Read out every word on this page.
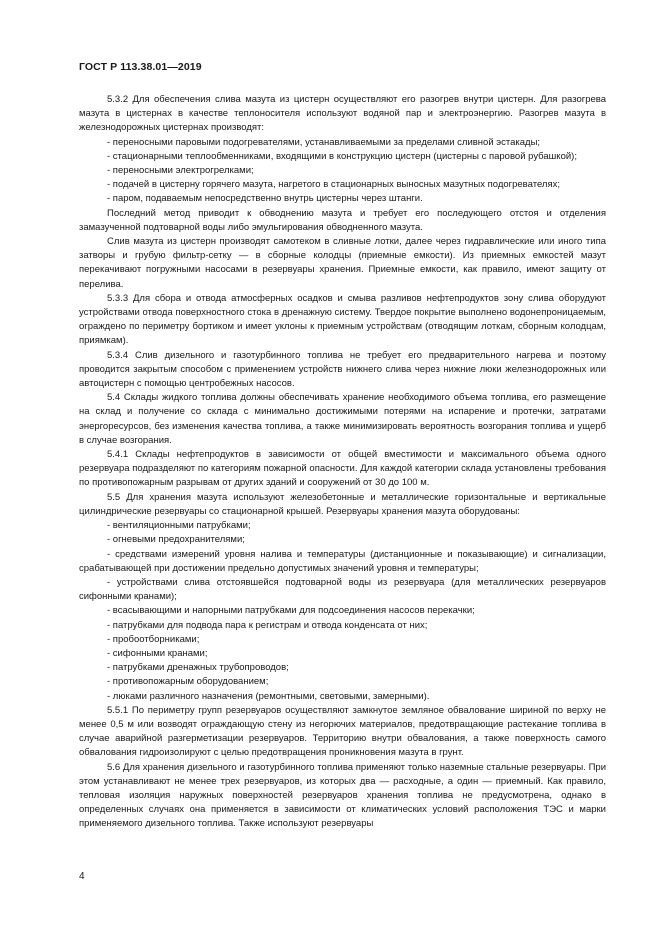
ГОСТ Р 113.38.01—2019

5.3.2 Для обеспечения слива мазута из цистерн осуществляют его разогрев внутри цистерн. Для разогрева мазута в цистернах в качестве теплоносителя используют водяной пар и электроэнергию. Разогрев мазута в железнодорожных цистернах производят:

- переносными паровыми подогревателями, устанавливаемыми за пределами сливной эстакады;

- стационарными теплообменниками, входящими в конструкцию цистерн (цистерны с паровой рубашкой);

- переносными электрогрелками;

- подачей в цистерну горячего мазута, нагретого в стационарных выносных мазутных подогревателях;

- паром, подаваемым непосредственно внутрь цистерны через штанги.

Последний метод приводит к обводнению мазута и требует его последующего отстоя и отделения замазученной подтоварной воды либо эмульгирования обводненного мазута.

Слив мазута из цистерн производят самотеком в сливные лотки, далее через гидравлические или иного типа затворы и грубую фильтр-сетку — в сборные колодцы (приемные емкости). Из приемных емкостей мазут перекачивают погружными насосами в резервуары хранения. Приемные емкости, как правило, имеют защиту от перелива.

5.3.3 Для сбора и отвода атмосферных осадков и смыва разливов нефтепродуктов зону слива оборудуют устройствами отвода поверхностного стока в дренажную систему. Твердое покрытие выполнено водонепроницаемым, ограждено по периметру бортиком и имеет уклоны к приемным устройствам (отводящим лоткам, сборным колодцам, приямкам).

5.3.4 Слив дизельного и газотурбинного топлива не требует его предварительного нагрева и поэтому проводится закрытым способом с применением устройств нижнего слива через нижние люки железнодорожных или автоцистерн с помощью центробежных насосов.

5.4 Склады жидкого топлива должны обеспечивать хранение необходимого объема топлива, его размещение на склад и получение со склада с минимально достижимыми потерями на испарение и протечки, затратами энергоресурсов, без изменения качества топлива, а также минимизировать вероятность возгорания топлива и ущерб в случае возгорания.

5.4.1 Склады нефтепродуктов в зависимости от общей вместимости и максимального объема одного резервуара подразделяют по категориям пожарной опасности. Для каждой категории склада установлены требования по противопожарным разрывам от других зданий и сооружений от 30 до 100 м.

5.5 Для хранения мазута используют железобетонные и металлические горизонтальные и вертикальные цилиндрические резервуары со стационарной крышей. Резервуары хранения мазута оборудованы:

- вентиляционными патрубками;

- огневыми предохранителями;

- средствами измерений уровня налива и температуры (дистанционные и показывающие) и сигнализации, срабатывающей при достижении предельно допустимых значений уровня и температуры;

- устройствами слива отстоявшейся подтоварной воды из резервуара (для металлических резервуаров сифонными кранами);

- всасывающими и напорными патрубками для подсоединения насосов перекачки;

- патрубками для подвода пара к регистрам и отвода конденсата от них;

- пробоотборниками;

- сифонными кранами;

- патрубками дренажных трубопроводов;

- противопожарным оборудованием;

- люками различного назначения (ремонтными, световыми, замерными).

5.5.1 По периметру групп резервуаров осуществляют замкнутое земляное обвалование шириной по верху не менее 0,5 м или возводят ограждающую стену из негорючих материалов, предотвращающие растекание топлива в случае аварийной разгерметизации резервуаров. Территорию внутри обвалования, а также поверхность самого обвалования гидроизолируют с целью предотвращения проникновения мазута в грунт.

5.6 Для хранения дизельного и газотурбинного топлива применяют только наземные стальные резервуары. При этом устанавливают не менее трех резервуаров, из которых два — расходные, а один — приемный. Как правило, тепловая изоляция наружных поверхностей резервуаров хранения топлива не предусмотрена, однако в определенных случаях она применяется в зависимости от климатических условий расположения ТЭС и марки применяемого дизельного топлива. Также используют резервуары

4
